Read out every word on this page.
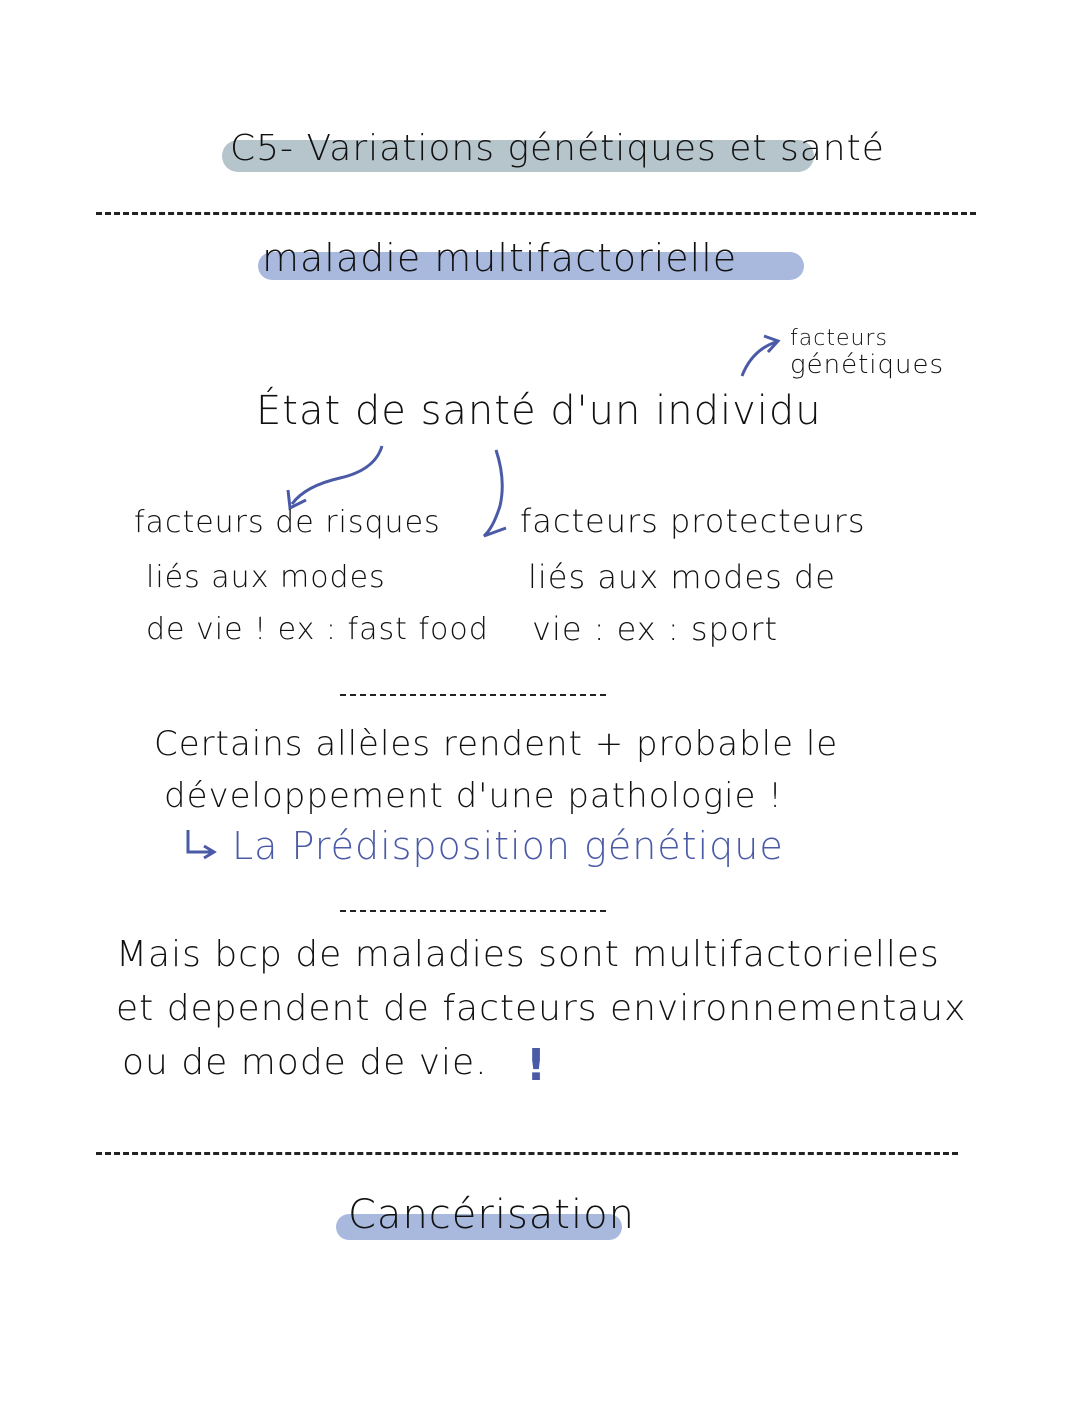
C5- Variations génétiques et santé
maladie multifactorielle
facteurs
génétiques
État de santé d'un individu
facteurs de risques
liés aux modes
de vie ! ex : fast food
facteurs protecteurs
liés aux modes de
vie : ex : sport
Certains allèles rendent + probable le
développement d'une pathologie !
La Prédisposition génétique
Mais bcp de maladies sont multifactorielles
et dependent de facteurs environnementaux
ou de mode de vie. !
Cancérisation
